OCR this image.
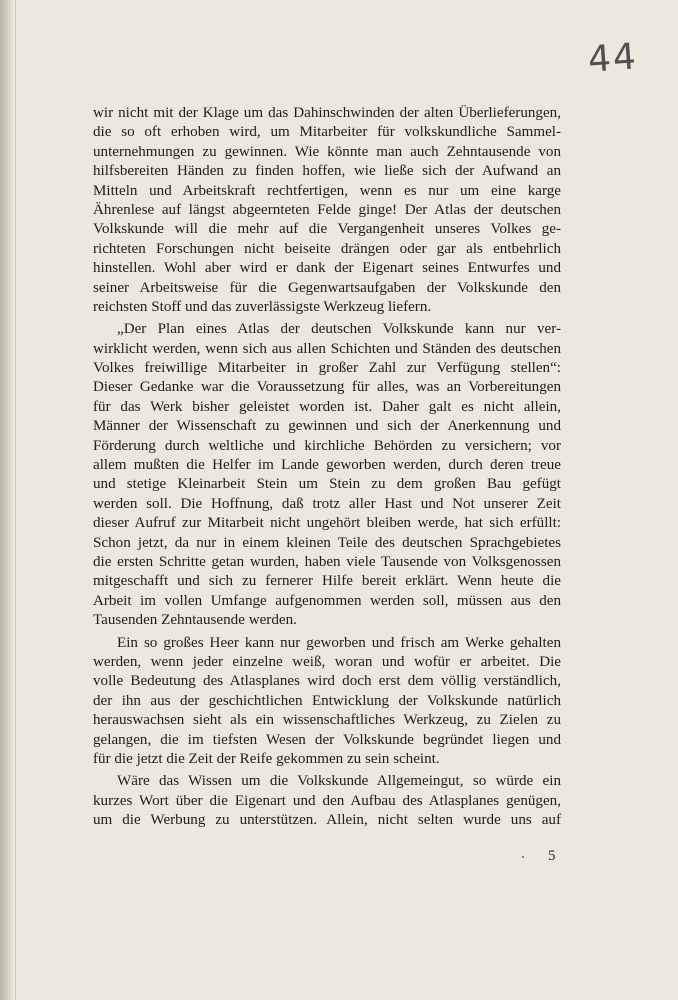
44
wir nicht mit der Klage um das Dahinschwinden der alten Überlieferungen,
die so oft erhoben wird, um Mitarbeiter für volkskundliche Sammel-
unternehmungen zu gewinnen. Wie könnte man auch Zehntausende von
hilfsbereiten Händen zu finden hoffen, wie ließe sich der Aufwand an
Mitteln und Arbeitskraft rechtfertigen, wenn es nur um eine karge
Ährenlese auf längst abgeernteten Felde ginge! Der Atlas der deutschen
Volkskunde will die mehr auf die Vergangenheit unseres Volkes ge-
richteten Forschungen nicht beiseite drängen oder gar als entbehrlich
hinstellen. Wohl aber wird er dank der Eigenart seines Entwurfes und
seiner Arbeitsweise für die Gegenwartsaufgaben der Volkskunde den
reichsten Stoff und das zuverlässigste Werkzeug liefern.
„Der Plan eines Atlas der deutschen Volkskunde kann nur ver-
wirklicht werden, wenn sich aus allen Schichten und Ständen des deutschen
Volkes freiwillige Mitarbeiter in großer Zahl zur Verfügung stellen“:
Dieser Gedanke war die Voraussetzung für alles, was an Vorbereitungen
für das Werk bisher geleistet worden ist. Daher galt es nicht allein,
Männer der Wissenschaft zu gewinnen und sich der Anerkennung und
Förderung durch weltliche und kirchliche Behörden zu versichern; vor
allem mußten die Helfer im Lande geworben werden, durch deren treue
und stetige Kleinarbeit Stein um Stein zu dem großen Bau gefügt
werden soll. Die Hoffnung, daß trotz aller Hast und Not unserer Zeit
dieser Aufruf zur Mitarbeit nicht ungehört bleiben werde, hat sich erfüllt:
Schon jetzt, da nur in einem kleinen Teile des deutschen Sprachgebietes
die ersten Schritte getan wurden, haben viele Tausende von Volksgenossen
mitgeschafft und sich zu fernerer Hilfe bereit erklärt. Wenn heute die
Arbeit im vollen Umfange aufgenommen werden soll, müssen aus den
Tausenden Zehntausende werden.
Ein so großes Heer kann nur geworben und frisch am Werke gehalten
werden, wenn jeder einzelne weiß, woran und wofür er arbeitet. Die
volle Bedeutung des Atlasplanes wird doch erst dem völlig verständlich,
der ihn aus der geschichtlichen Entwicklung der Volkskunde natürlich
herauswachsen sieht als ein wissenschaftliches Werkzeug, zu Zielen zu
gelangen, die im tiefsten Wesen der Volkskunde begründet liegen und
für die jetzt die Zeit der Reife gekommen zu sein scheint.
Wäre das Wissen um die Volkskunde Allgemeingut, so würde ein
kurzes Wort über die Eigenart und den Aufbau des Atlasplanes genügen,
um die Werbung zu unterstützen. Allein, nicht selten wurde uns auf
5
